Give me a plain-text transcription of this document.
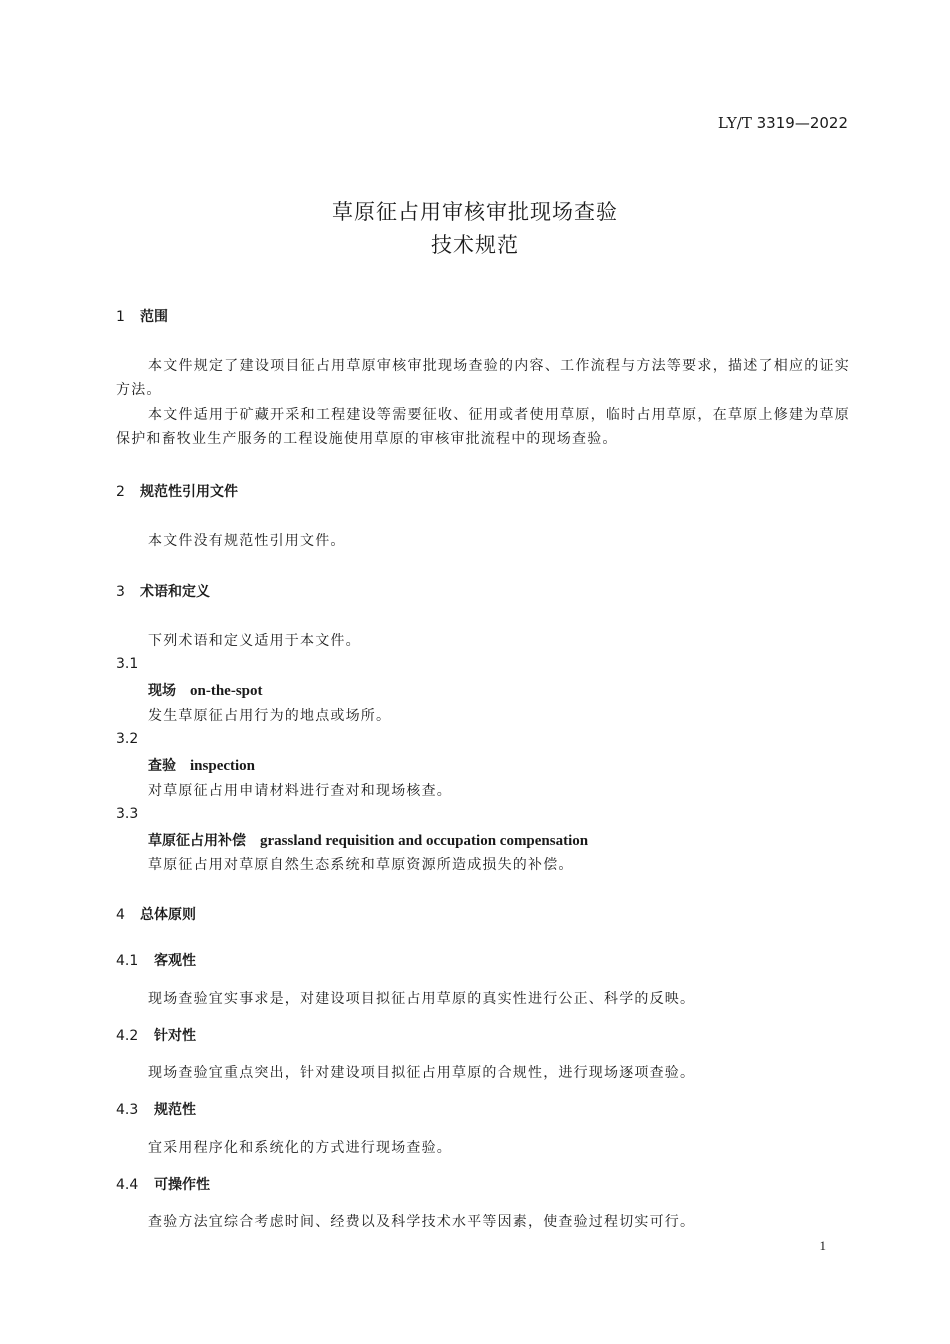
LY/T 3319—2022
草原征占用审核审批现场查验
技术规范
1 范围
本文件规定了建设项目征占用草原审核审批现场查验的内容、工作流程与方法等要求，描述了相应的证实方法。
本文件适用于矿藏开采和工程建设等需要征收、征用或者使用草原，临时占用草原，在草原上修建为草原保护和畜牧业生产服务的工程设施使用草原的审核审批流程中的现场查验。
2 规范性引用文件
本文件没有规范性引用文件。
3 术语和定义
下列术语和定义适用于本文件。
3.1
现场 on-the-spot
发生草原征占用行为的地点或场所。
3.2
查验 inspection
对草原征占用申请材料进行查对和现场核查。
3.3
草原征占用补偿 grassland requisition and occupation compensation
草原征占用对草原自然生态系统和草原资源所造成损失的补偿。
4 总体原则
4.1 客观性
现场查验宜实事求是，对建设项目拟征占用草原的真实性进行公正、科学的反映。
4.2 针对性
现场查验宜重点突出，针对建设项目拟征占用草原的合规性，进行现场逐项查验。
4.3 规范性
宜采用程序化和系统化的方式进行现场查验。
4.4 可操作性
查验方法宜综合考虑时间、经费以及科学技术水平等因素，使查验过程切实可行。
1
